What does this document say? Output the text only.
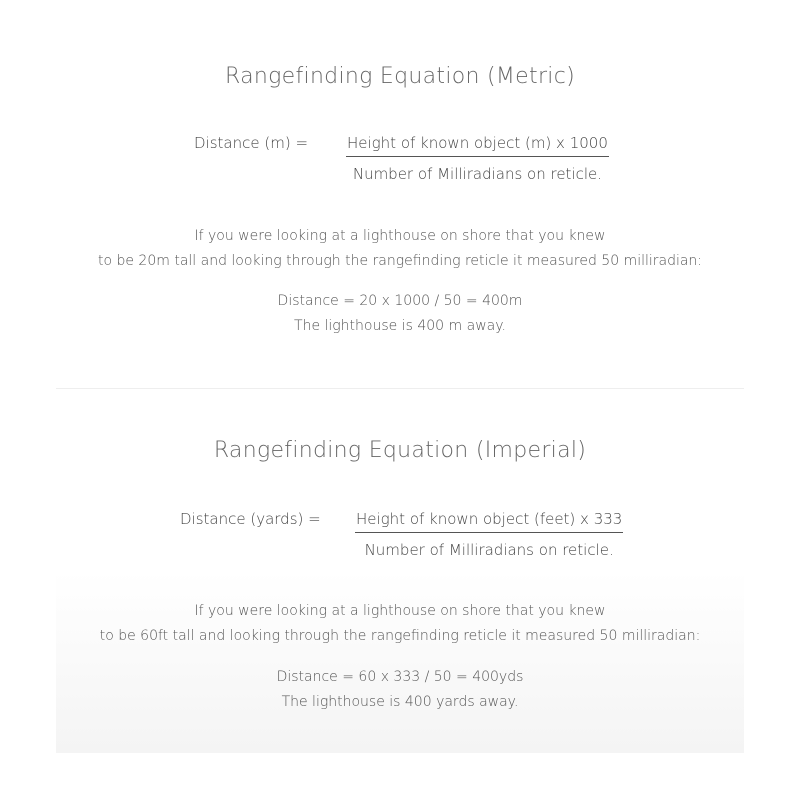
Rangefinding Equation (Metric)
Distance (m) =	Height of known object (m) x 1000
Number of Milliradians on reticle.
If you were looking at a lighthouse on shore that you knew
to be 20m tall and looking through the rangefinding reticle it measured 50 milliradian:
Distance = 20 x 1000 / 50 = 400m
The lighthouse is 400 m away.
Rangefinding Equation (Imperial)
Distance (yards) = Height of known object (feet) x 333
Number of Milliradians on reticle.
If you were looking at a lighthouse on shore that you knew
to be 60ft tall and looking through the rangefinding reticle it measured 50 milliradian:
Distance = 60 x 333 / 50 = 400yds
The lighthouse is 400 yards away.
